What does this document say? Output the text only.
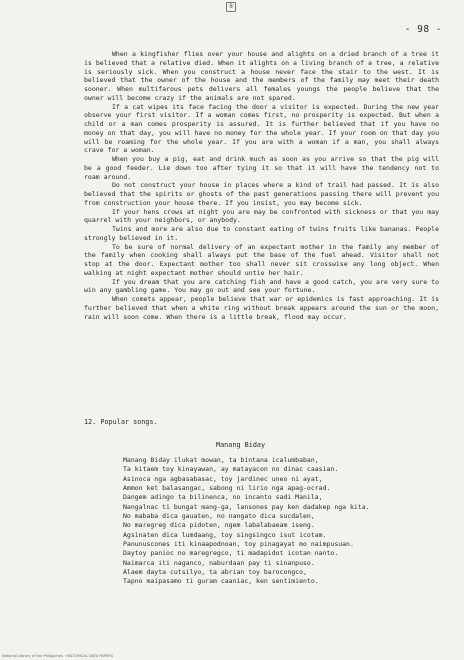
8
- 98 -

When a kingfisher flies over your house and alights on a dried branch of a tree it is believed that a relative died. When it alights on a living branch of a tree, a relative is seriously sick. When you construct a house never face the stair to the west. It is believed that the owner of the house and the members of the family may meet their death sooner. When multifarous pets delivers all females youngs the people believe that the owner will become crazy if the animals are not spared.

If a cat wipes its face facing the door a visitor is expected. During the new year observe your first visitor. If a woman comes first, no prosperity is expected. But when a child or a man comes prosperity is assured. It is further believed that if you have no money on that day, you will have no money for the whole year. If your room on that day you will be roaming for the whole year. If you are with a woman if a man, you shall always crave for a woman.

When you buy a pig, eat and drink much as soon as you arrive so that the pig will be a good feeder. Lie down too after tying it so that it will have the tendency not to roam around.

Do not construct your house in places where a kind of trail had passed. It is also believed that the spirits or ghosts of the past generations passing there will prevent you from construction your house there. If you insist, you may become sick.

If your hens crows at night you are may be confronted with sickness or that you may quarrel with your neighbors, or anybody.

Twins and more are also due to constant eating of twins fruits like bananas. People strongly believed in it.

To be sure of normal delivery of an expectant mother in the family any member of the family when cooking shall always put the base of the fuel ahead. Visitor shall not stop at the door. Expectant mother too shall never sit crosswise any long object. When walking at night expectant mother should untie her hair.

If you dream that you are catching fish and have a good catch, you are very sure to win any gambling game. You may go out and see your fortune.

When comets appear, people believe that war or epidemics is fast approaching. It is further believed that when a white ring without break appears around the sun or the moon, rain will soon come. When there is a little break, flood may occur.

12. Popular songs.
Manang Biday
Manang Biday ilukat mowan, ta bintana icalumbaban,
Ta kitaem toy kinayawan, ay matayacon no dinac caasian.
Asinoca nga agbasabasac, toy jardinec uneo ni ayat,
Ammon ket balasangac, sabong ni lirio nga apag-ocrad.
Dangem adingo ta bilinenca, no incanto sadi Manila,
Nangalnac ti bungat mang-ga, lansones pay ken dadakep nga kita.
No mababa dica gauaten, no nangato dica sucdalen,
No maregreg dica pidoten, ngem labalabaeam iseng.
Agsinaten dica lumdaang, toy singsingco isut icotam.
Panunuscones iti kinaapodnoan, toy pinagayat mo naimpusuan.
Daytoy panioc no maregregco, ti madapidot icotan nanto.
Naimarca iti naganco, naburdaan pay ti sinanpuso.
Alaem dayta cutsilyo, ta abrian toy barocongco,
Tapno maipasamo ti guram caaniac, ken sentimiento.
National Library of the Philippines · HISTORICAL DATA PAPERS
